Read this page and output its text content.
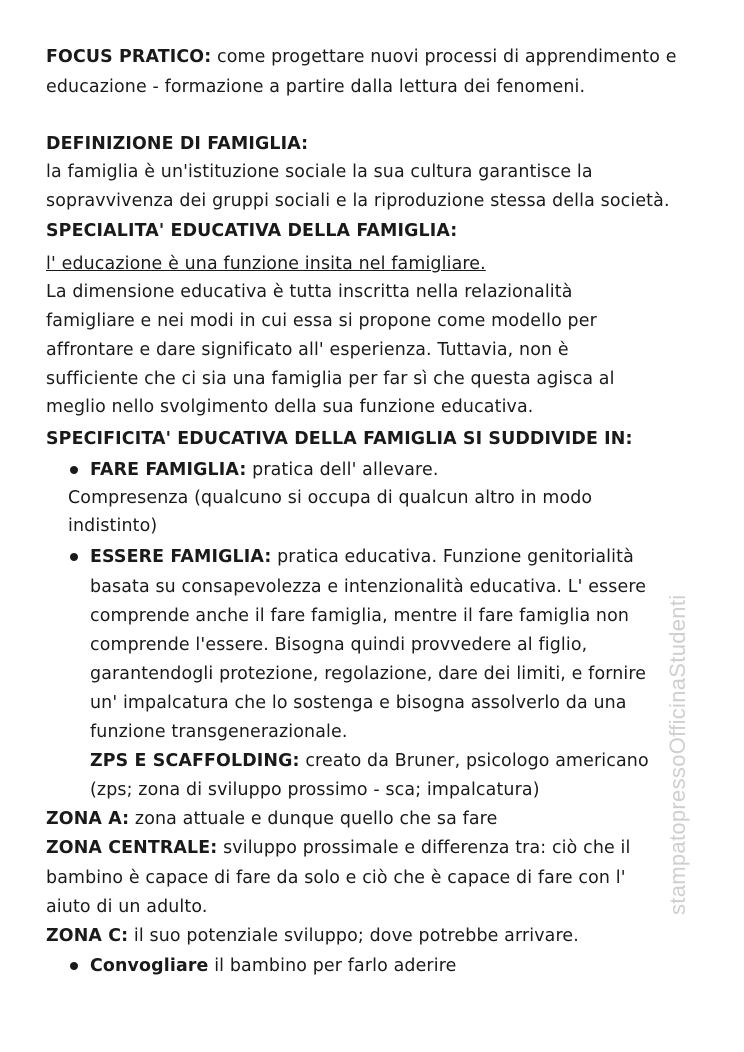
FOCUS PRATICO: come progettare nuovi processi di apprendimento e
educazione - formazione a partire dalla lettura dei fenomeni.
DEFINIZIONE DI FAMIGLIA:
la famiglia è un'istituzione sociale la sua cultura garantisce la
sopravvivenza dei gruppi sociali e la riproduzione stessa della società.
SPECIALITA' EDUCATIVA DELLA FAMIGLIA:
l' educazione è una funzione insita nel famigliare.
La dimensione educativa è tutta inscritta nella relazionalità
famigliare e nei modi in cui essa si propone come modello per
affrontare e dare significato all' esperienza. Tuttavia, non è
sufficiente che ci sia una famiglia per far sì che questa agisca al
meglio nello svolgimento della sua funzione educativa.
SPECIFICITA' EDUCATIVA DELLA FAMIGLIA SI SUDDIVIDE IN:
FARE FAMIGLIA: pratica dell' allevare.
Compresenza (qualcuno si occupa di qualcun altro in modo
indistinto)
ESSERE FAMIGLIA: pratica educativa. Funzione genitorialità
basata su consapevolezza e intenzionalità educativa. L' essere
comprende anche il fare famiglia, mentre il fare famiglia non
comprende l'essere. Bisogna quindi provvedere al figlio,
garantendogli protezione, regolazione, dare dei limiti, e fornire
un' impalcatura che lo sostenga e bisogna assolverlo da una
funzione transgenerazionale.
ZPS E SCAFFOLDING: creato da Bruner, psicologo americano
(zps; zona di sviluppo prossimo - sca; impalcatura)
ZONA A: zona attuale e dunque quello che sa fare
ZONA CENTRALE: sviluppo prossimale e differenza tra: ciò che il
bambino è capace di fare da solo e ciò che è capace di fare con l'
aiuto di un adulto.
ZONA C: il suo potenziale sviluppo; dove potrebbe arrivare.
Convogliare il bambino per farlo aderire
stampatopressoOfficinaStudenti
